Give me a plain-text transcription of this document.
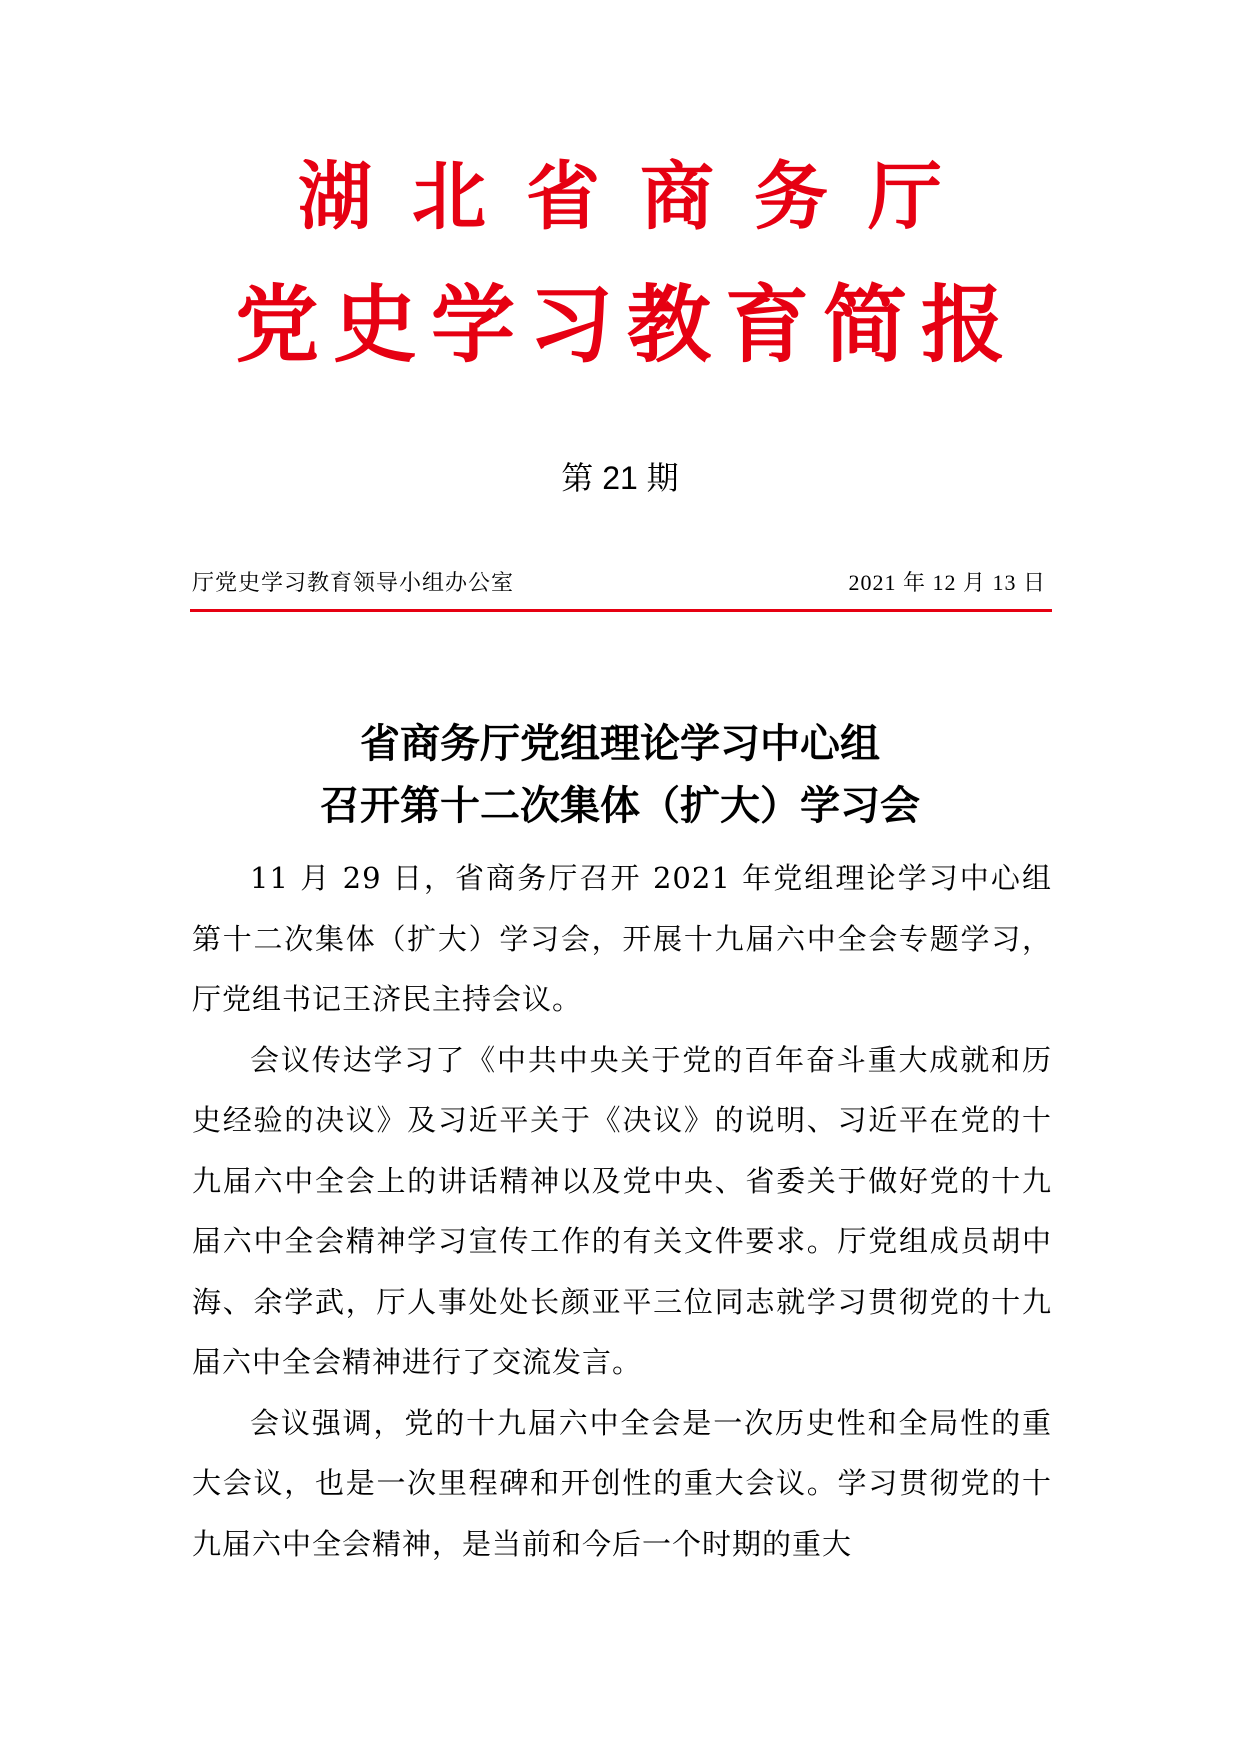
湖北省商务厅
党史学习教育简报
第 21 期
厅党史学习教育领导小组办公室	2021 年 12 月 13 日
省商务厅党组理论学习中心组
召开第十二次集体（扩大）学习会

11 月 29 日，省商务厅召开 2021 年党组理论学习中心组第十二次集体（扩大）学习会，开展十九届六中全会专题学习，厅党组书记王济民主持会议。

会议传达学习了《中共中央关于党的百年奋斗重大成就和历史经验的决议》及习近平关于《决议》的说明、习近平在党的十九届六中全会上的讲话精神以及党中央、省委关于做好党的十九届六中全会精神学习宣传工作的有关文件要求。厅党组成员胡中海、余学武，厅人事处处长颜亚平三位同志就学习贯彻党的十九届六中全会精神进行了交流发言。

会议强调，党的十九届六中全会是一次历史性和全局性的重大会议，也是一次里程碑和开创性的重大会议。学习贯彻党的十九届六中全会精神，是当前和今后一个时期的重大
